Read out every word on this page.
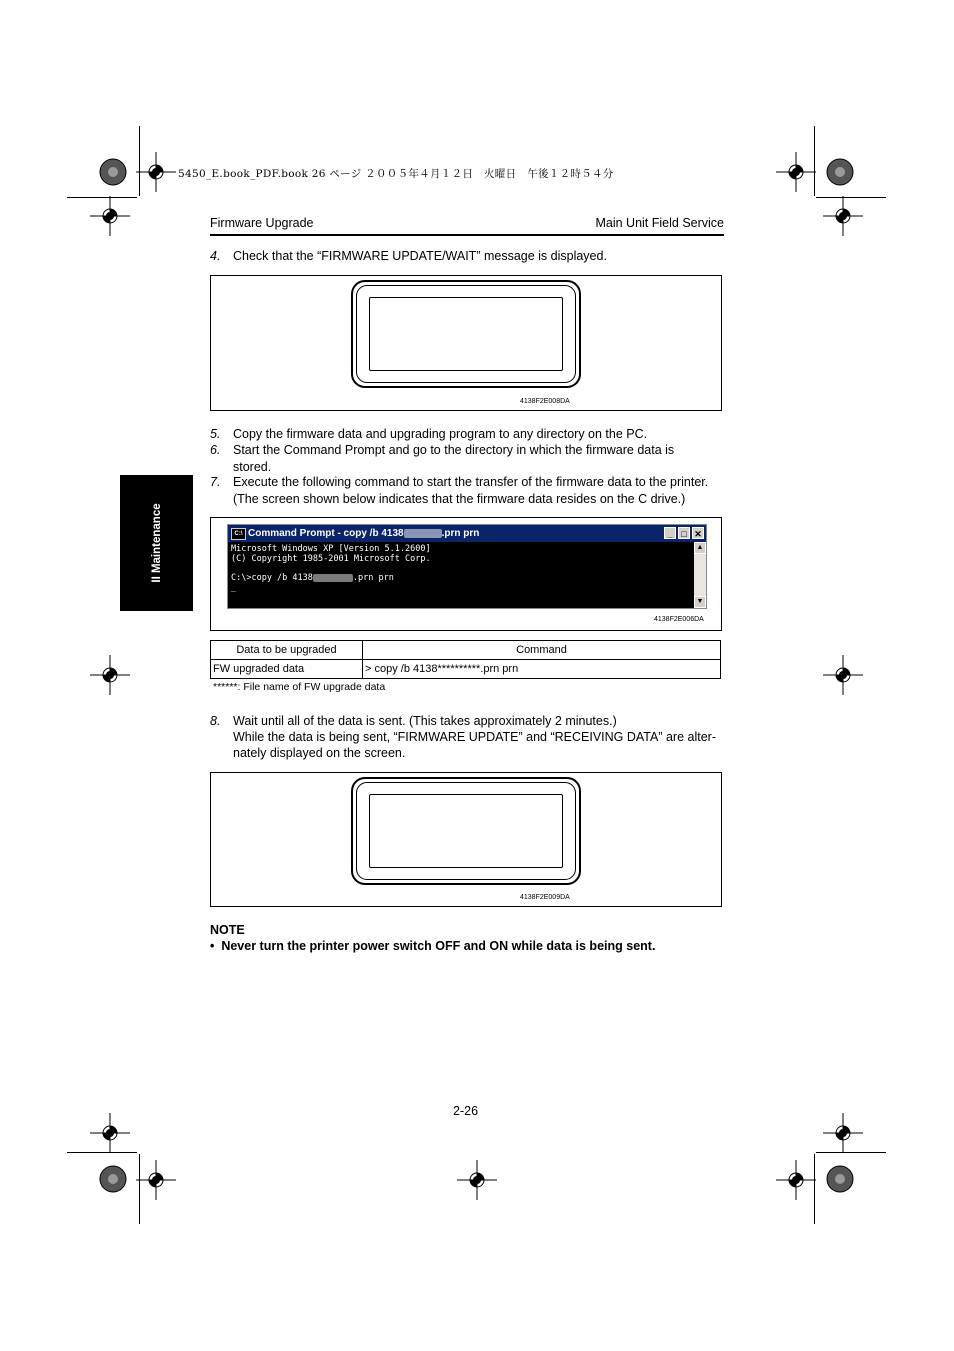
5450_E.book_PDF.book 26 ページ ２００５年４月１２日　火曜日　午後１２時５４分
Firmware Upgrade	Main Unit Field Service
II Maintenance
4. Check that the “FIRMWARE UPDATE/WAIT” message is displayed.
4138F2E008DA
5. Copy the firmware data and upgrading program to any directory on the PC.
6. Start the Command Prompt and go to the directory in which the firmware data is
stored.
7. Execute the following command to start the transfer of the firmware data to the printer.
(The screen shown below indicates that the firmware data resides on the C drive.)
C:\ Command Prompt - copy /b 4138	.prn prn	_ □ ✕
Microsoft Windows XP [Version 5.1.2600]
(C) Copyright 1985-2001 Microsoft Corp.

C:\>copy /b 4138	.prn prn
_
▲
▼
4138F2E006DA
Data to be upgraded	Command
FW upgraded data	> copy /b 4138**********.prn prn
******: File name of FW upgrade data
8. Wait until all of the data is sent. (This takes approximately 2 minutes.)
While the data is being sent, “FIRMWARE UPDATE” and “RECEIVING DATA” are alter-
nately displayed on the screen.
4138F2E009DA
NOTE
•  Never turn the printer power switch OFF and ON while data is being sent.
2-26
